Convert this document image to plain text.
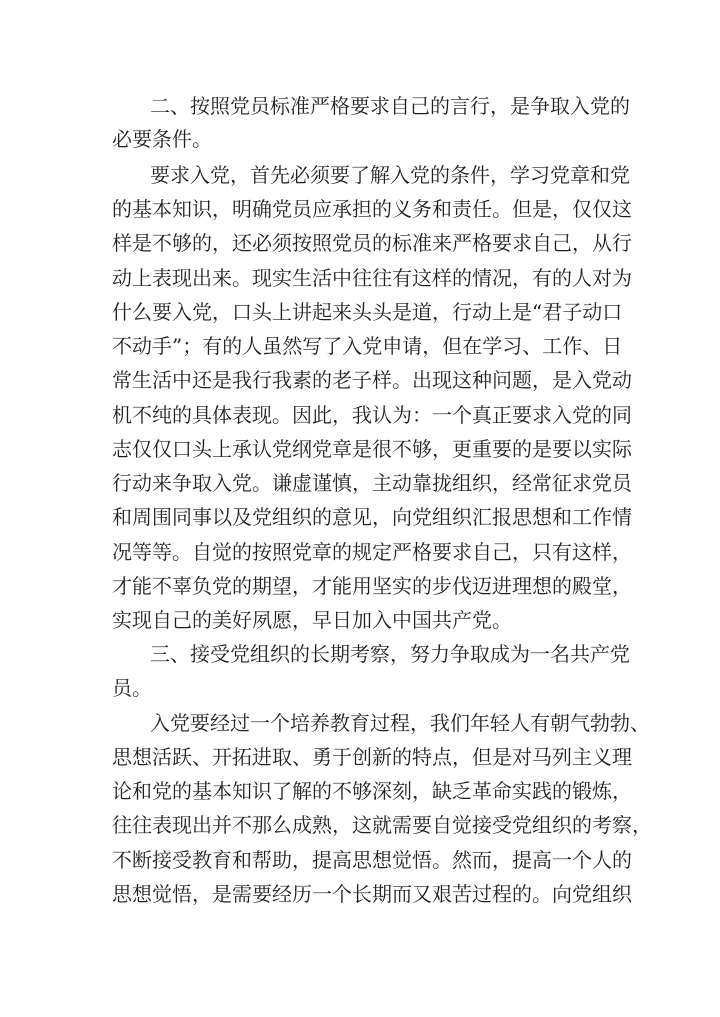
二、按照党员标准严格要求自己的言行，是争取入党的

必要条件。

要求入党，首先必须要了解入党的条件，学习党章和党

的基本知识，明确党员应承担的义务和责任。但是，仅仅这

样是不够的，还必须按照党员的标准来严格要求自己，从行

动上表现出来。现实生活中往往有这样的情况，有的人对为

什么要入党，口头上讲起来头头是道，行动上是“君子动口

不动手”；有的人虽然写了入党申请，但在学习、工作、日

常生活中还是我行我素的老子样。出现这种问题，是入党动

机不纯的具体表现。因此，我认为：一个真正要求入党的同

志仅仅口头上承认党纲党章是很不够，更重要的是要以实际

行动来争取入党。谦虚谨慎，主动靠拢组织，经常征求党员

和周围同事以及党组织的意见，向党组织汇报思想和工作情

况等等。自觉的按照党章的规定严格要求自己，只有这样，

才能不辜负党的期望，才能用坚实的步伐迈进理想的殿堂，

实现自己的美好夙愿，早日加入中国共产党。

三、接受党组织的长期考察，努力争取成为一名共产党

员。

入党要经过一个培养教育过程，我们年轻人有朝气勃勃、

思想活跃、开拓进取、勇于创新的特点，但是对马列主义理

论和党的基本知识了解的不够深刻，缺乏革命实践的锻炼，

往往表现出并不那么成熟，这就需要自觉接受党组织的考察，

不断接受教育和帮助，提高思想觉悟。然而，提高一个人的

思想觉悟，是需要经历一个长期而又艰苦过程的。向党组织
